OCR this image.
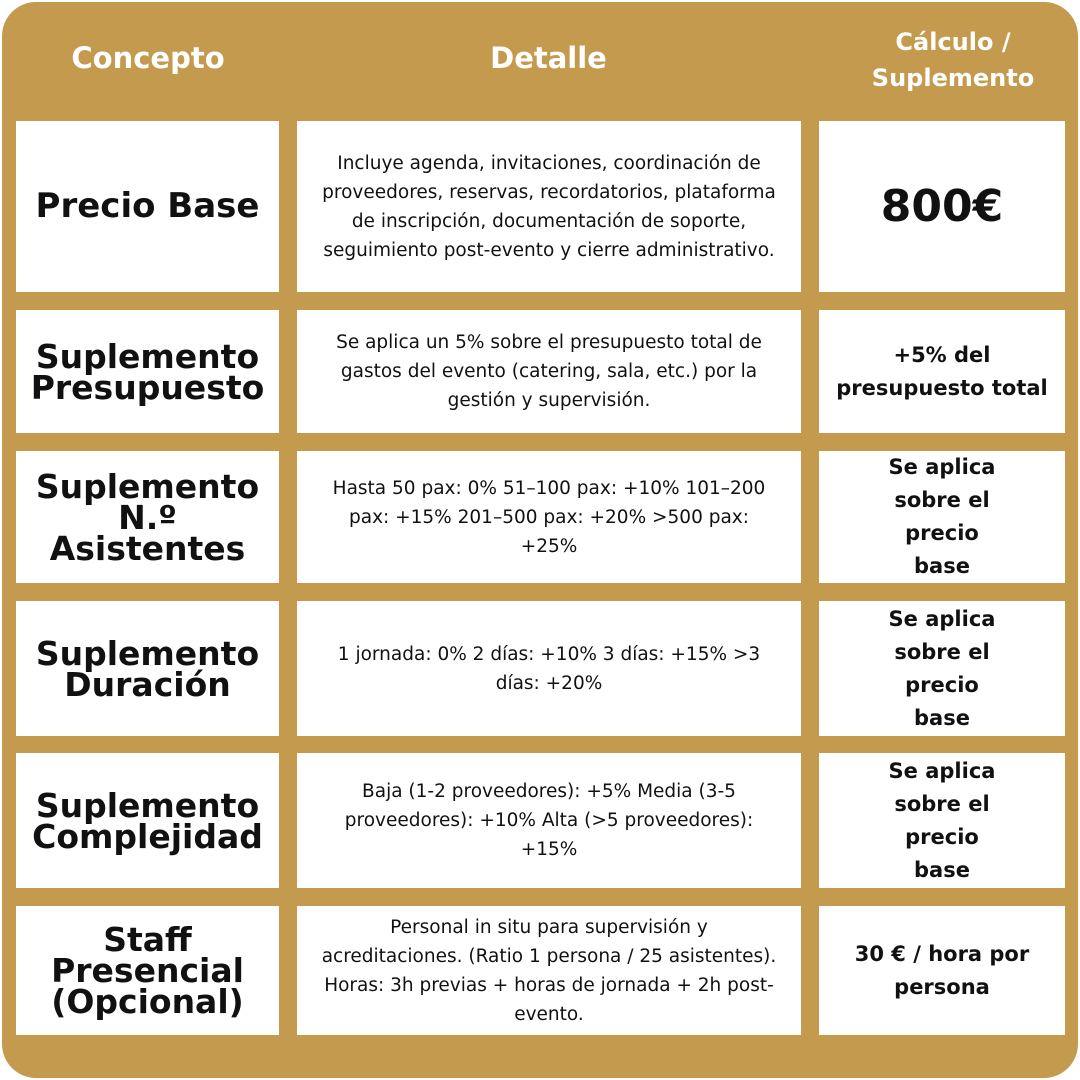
Concepto	Detalle	Cálculo / Suplemento
Precio Base
Incluye agenda, invitaciones, coordinación de proveedores, reservas, recordatorios, plataforma de inscripción, documentación de soporte, seguimiento post-evento y cierre administrativo.
800€
Suplemento Presupuesto
Se aplica un 5% sobre el presupuesto total de gastos del evento (catering, sala, etc.) por la gestión y supervisión.
+5% del presupuesto total
Suplemento N.º Asistentes
Hasta 50 pax: 0% 51–100 pax: +10% 101–200 pax: +15% 201–500 pax: +20% >500 pax: +25%
Se aplica sobre el precio base
Suplemento Duración
1 jornada: 0% 2 días: +10% 3 días: +15% >3 días: +20%
Se aplica sobre el precio base
Suplemento Complejidad
Baja (1-2 proveedores): +5% Media (3-5 proveedores): +10% Alta (>5 proveedores): +15%
Se aplica sobre el precio base
Staff Presencial (Opcional)
Personal in situ para supervisión y acreditaciones. (Ratio 1 persona / 25 asistentes). Horas: 3h previas + horas de jornada + 2h post-evento.
30 € / hora por persona
